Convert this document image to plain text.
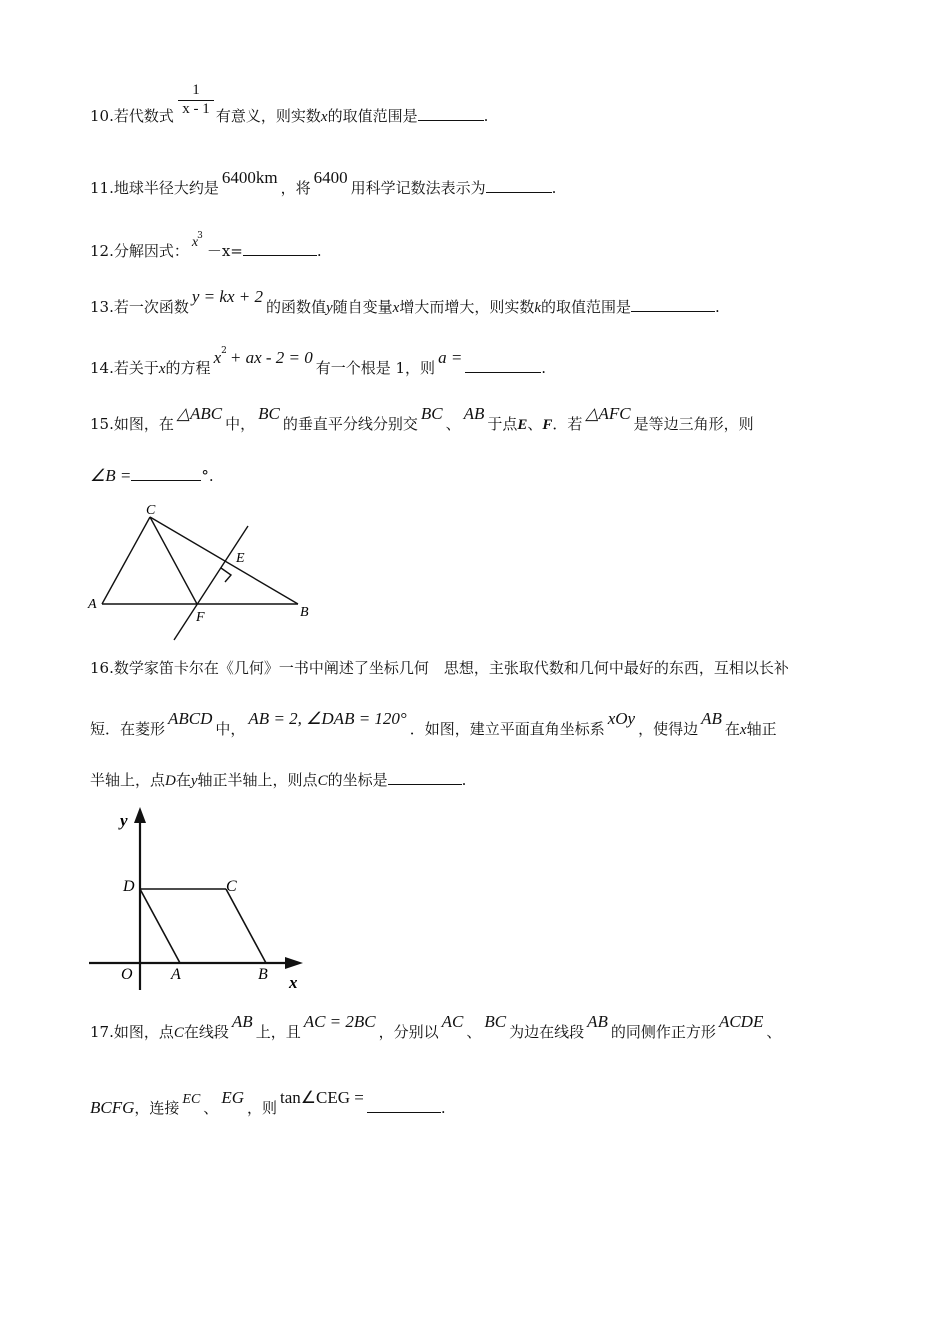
$\frac{1}{x - 1}$
10.若代数式	有意义，则实数x的取值范围是	.
11.地球半径大约是6400km，将6400用科学记数法表示为	.
12.分解因式： $x^3-x=$	.
13.若一次函数y = kx + 2的函数值y随自变量x增大而增大，则实数k的取值范围是	.
14.若关于x的方程$x^2$ + ax - 2 = 0有一个根是 1，则a =.
15.如图，在△ABC中，BC的垂直平分线分别交BC、AB于点E、F．若△AFC是等边三角形，则
∠B =	°.
A
B
C
E
F
16.数学家笛卡尔在《几何》一书中阐述了坐标几何　思想，主张取代数和几何中最好的东西，互相以长补
短．在菱形ABCD中，AB = 2, ∠DAB = 120°．如图，建立平面直角坐标系xOy，使得边AB在x轴正
半轴上，点D在y轴正半轴上，则点C的坐标是	.
y
x
O A	B
C
D
17.如图，点C在线段AB上，且AC = 2BC，分别以AC、BC为边在线段AB的同侧作正方形ACDE、
BCFG，连接 EC 、EG，则tan∠CEG =.
